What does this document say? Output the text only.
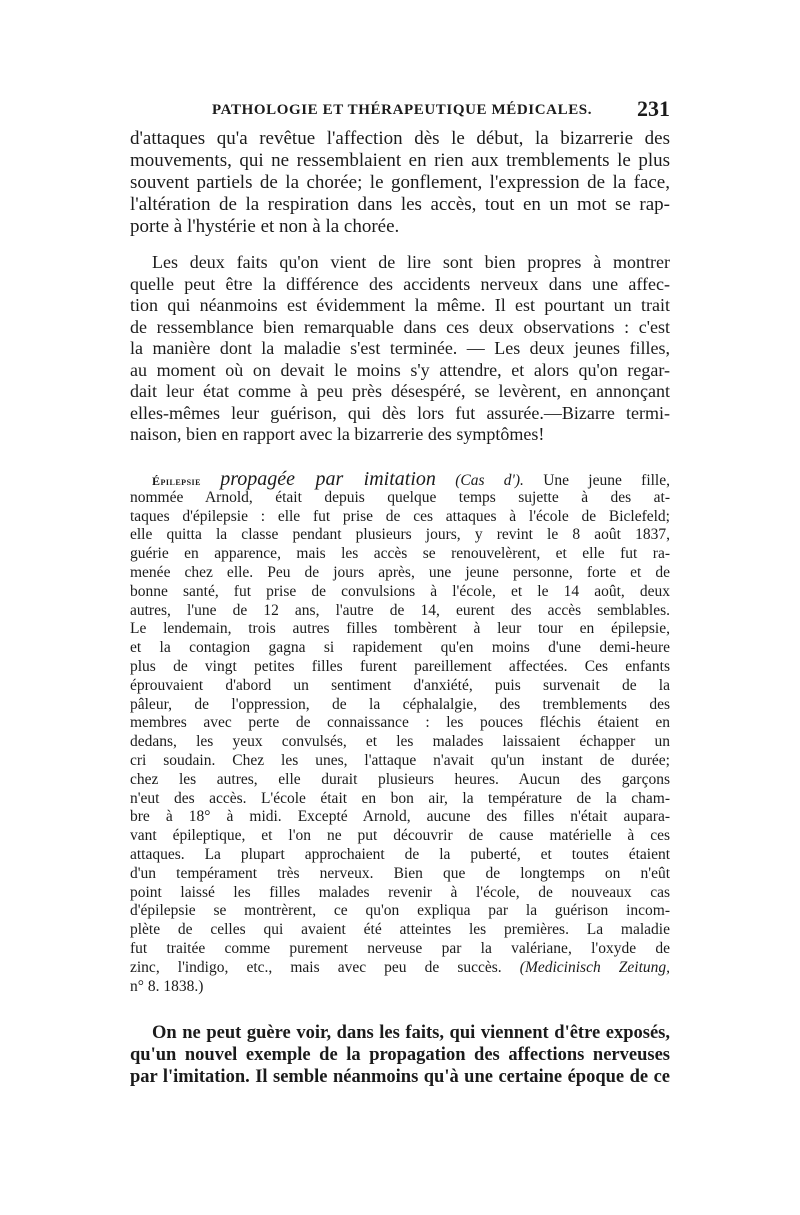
PATHOLOGIE ET THÉRAPEUTIQUE MÉDICALES. 231
d'attaques qu'a revêtue l'affection dès le début, la bizarrerie des
mouvements, qui ne ressemblaient en rien aux tremblements le plus
souvent partiels de la chorée; le gonflement, l'expression de la face,
l'altération de la respiration dans les accès, tout en un mot se rap-
porte à l'hystérie et non à la chorée.
Les deux faits qu'on vient de lire sont bien propres à montrer
quelle peut être la différence des accidents nerveux dans une affec-
tion qui néanmoins est évidemment la même. Il est pourtant un trait
de ressemblance bien remarquable dans ces deux observations : c'est
la manière dont la maladie s'est terminée. — Les deux jeunes filles,
au moment où on devait le moins s'y attendre, et alors qu'on regar-
dait leur état comme à peu près désespéré, se levèrent, en annonçant
elles-mêmes leur guérison, qui dès lors fut assurée.—Bizarre termi-
naison, bien en rapport avec la bizarrerie des symptômes!
Épilepsie propagée par imitation (Cas d'). Une jeune fille,
nommée Arnold, était depuis quelque temps sujette à des at-
taques d'épilepsie : elle fut prise de ces attaques à l'école de Biclefeld;
elle quitta la classe pendant plusieurs jours, y revint le 8 août 1837,
guérie en apparence, mais les accès se renouvelèrent, et elle fut ra-
menée chez elle. Peu de jours après, une jeune personne, forte et de
bonne santé, fut prise de convulsions à l'école, et le 14 août, deux
autres, l'une de 12 ans, l'autre de 14, eurent des accès semblables.
Le lendemain, trois autres filles tombèrent à leur tour en épilepsie,
et la contagion gagna si rapidement qu'en moins d'une demi-heure
plus de vingt petites filles furent pareillement affectées. Ces enfants
éprouvaient d'abord un sentiment d'anxiété, puis survenait de la
pâleur, de l'oppression, de la céphalalgie, des tremblements des
membres avec perte de connaissance : les pouces fléchis étaient en
dedans, les yeux convulsés, et les malades laissaient échapper un
cri soudain. Chez les unes, l'attaque n'avait qu'un instant de durée;
chez les autres, elle durait plusieurs heures. Aucun des garçons
n'eut des accès. L'école était en bon air, la température de la cham-
bre à 18° à midi. Excepté Arnold, aucune des filles n'était aupara-
vant épileptique, et l'on ne put découvrir de cause matérielle à ces
attaques. La plupart approchaient de la puberté, et toutes étaient
d'un tempérament très nerveux. Bien que de longtemps on n'eût
point laissé les filles malades revenir à l'école, de nouveaux cas
d'épilepsie se montrèrent, ce qu'on expliqua par la guérison incom-
plète de celles qui avaient été atteintes les premières. La maladie
fut traitée comme purement nerveuse par la valériane, l'oxyde de
zinc, l'indigo, etc., mais avec peu de succès. (Medicinisch Zeitung,
n° 8. 1838.)
On ne peut guère voir, dans les faits, qui viennent d'être exposés,
qu'un nouvel exemple de la propagation des affections nerveuses
par l'imitation. Il semble néanmoins qu'à une certaine époque de ce
